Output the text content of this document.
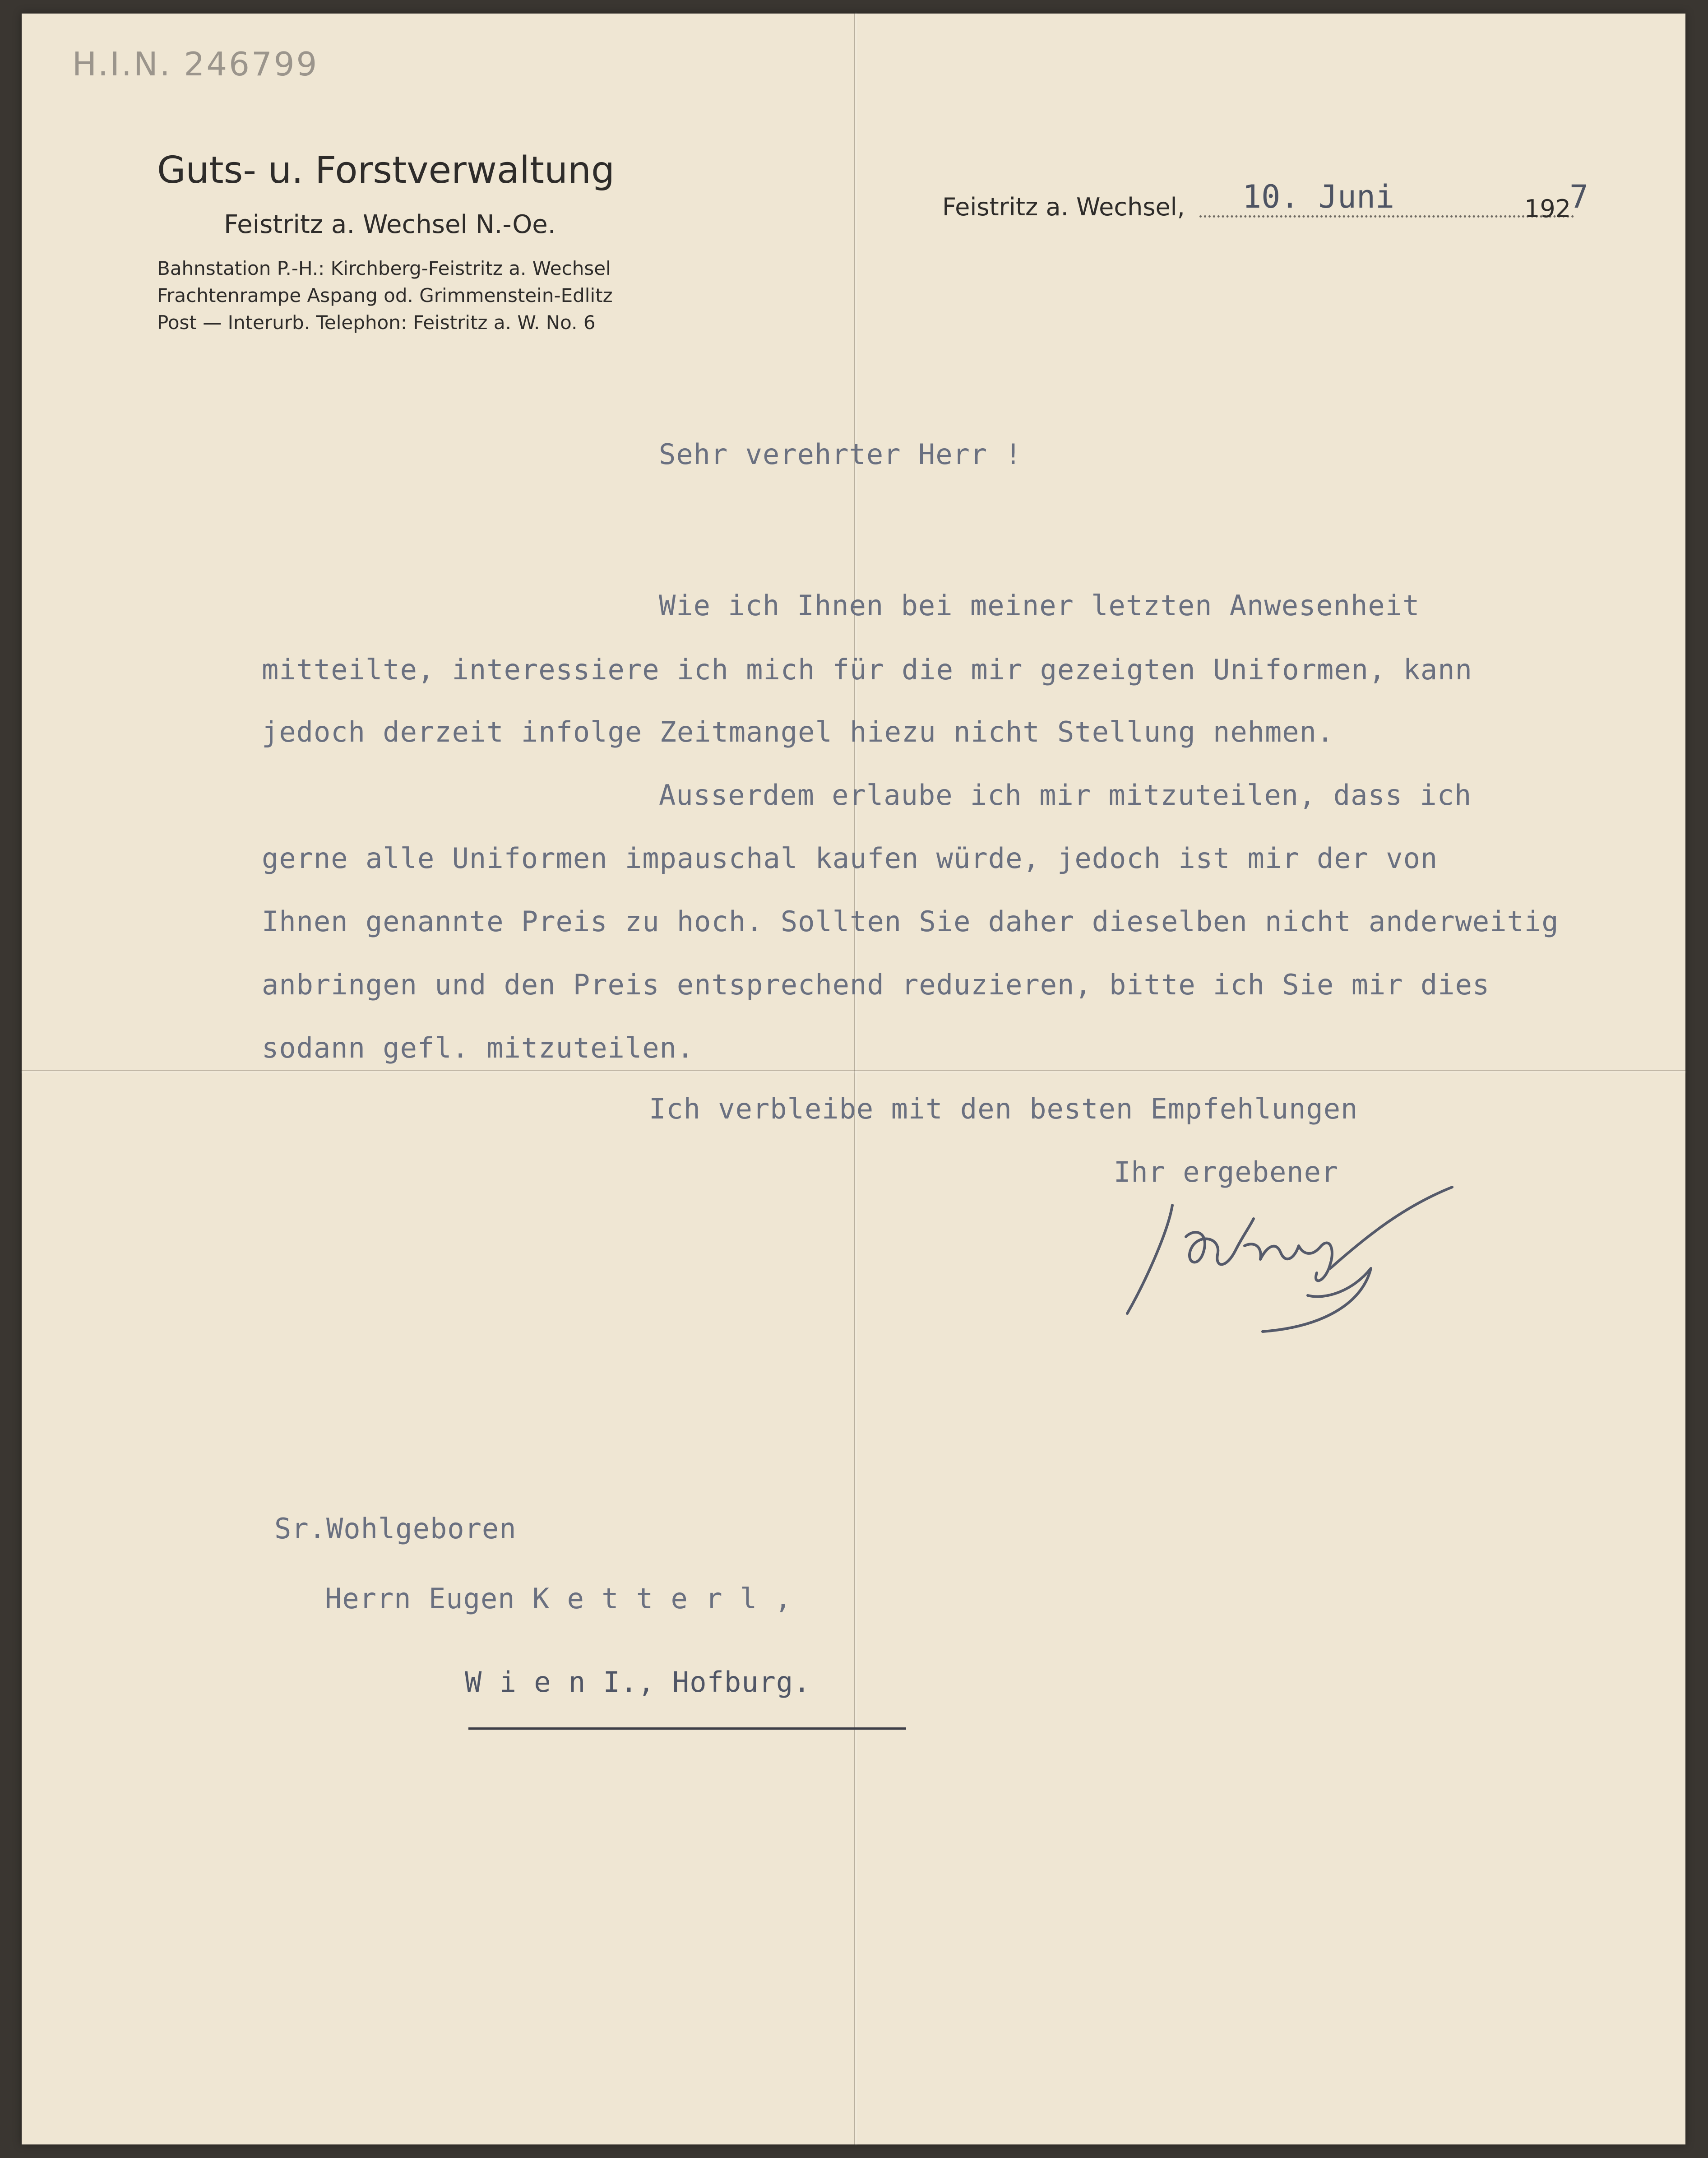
H.I.N. 246799
Guts- u. Forstverwaltung
Feistritz a. Wechsel N.-Oe.
Bahnstation P.-H.: Kirchberg-Feistritz a. Wechsel
Frachtenrampe Aspang od. Grimmenstein-Edlitz
Post — Interurb. Telephon: Feistritz a. W. No. 6
Feistritz a. Wechsel, 10. Juni	192
7
Sehr verehrter Herr !
Wie ich Ihnen bei meiner letzten Anwesenheit
mitteilte, interessiere ich mich für die mir gezeigten Uniformen, kann
jedoch derzeit infolge Zeitmangel hiezu nicht Stellung nehmen.
Ausserdem erlaube ich mir mitzuteilen, dass ich
gerne alle Uniformen impauschal kaufen würde, jedoch ist mir der von
Ihnen genannte Preis zu hoch. Sollten Sie daher dieselben nicht anderweitig
anbringen und den Preis entsprechend reduzieren, bitte ich Sie mir dies
sodann gefl. mitzuteilen.
Ich verbleibe mit den besten Empfehlungen
Ihr ergebener
Sr.Wohlgeboren
Herrn Eugen K e t t e r l ,
W i e n I., Hofburg.
